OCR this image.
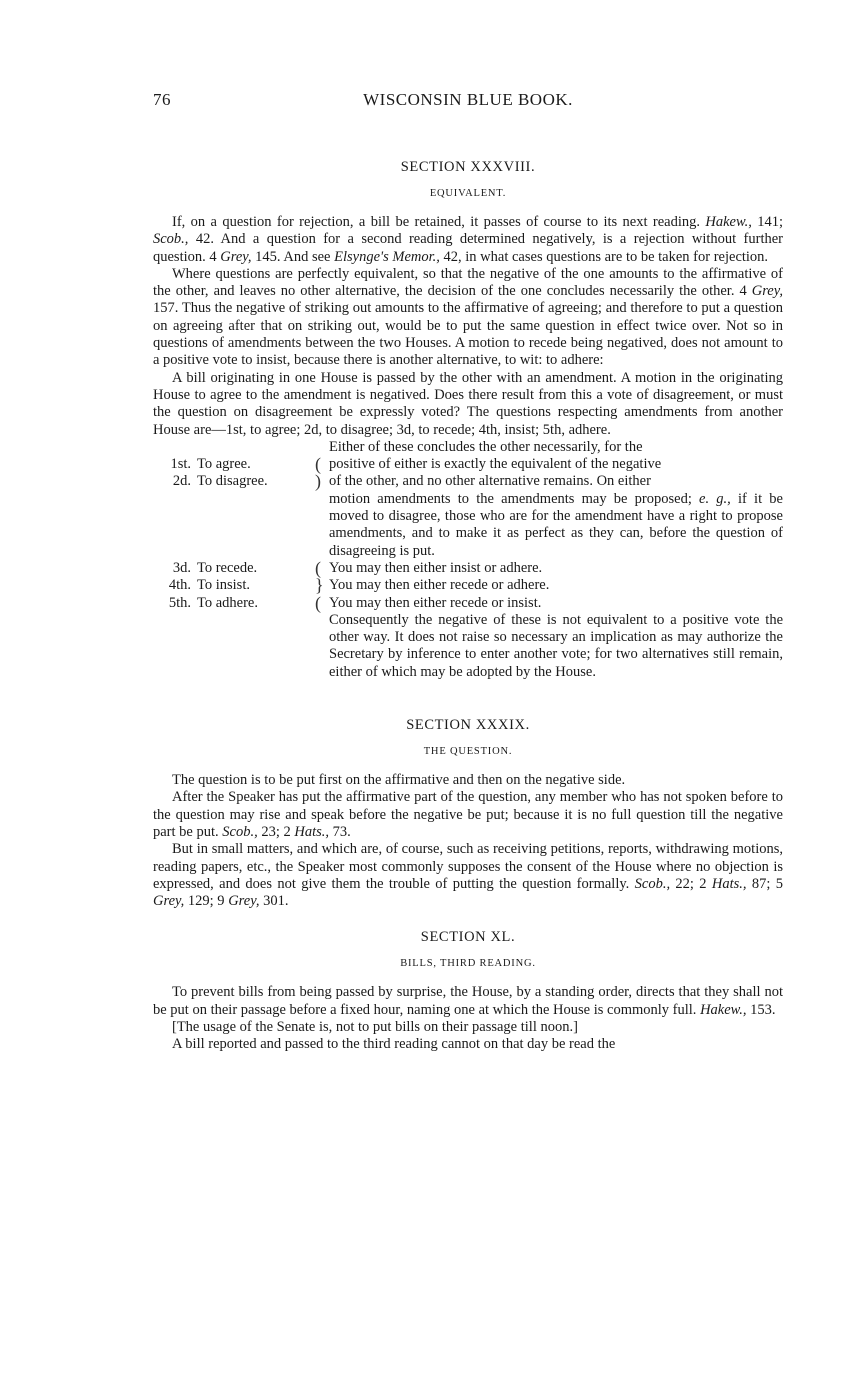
76	WISCONSIN BLUE BOOK.
SECTION XXXVIII.
EQUIVALENT.

If, on a question for rejection, a bill be retained, it passes of course to its next reading. Hakew., 141; Scob., 42. And a question for a second reading determined negatively, is a rejection without further question. 4 Grey, 145. And see Elsynge's Memor., 42, in what cases questions are to be taken for rejection.

Where questions are perfectly equivalent, so that the negative of the one amounts to the affirmative of the other, and leaves no other alternative, the decision of the one concludes necessarily the other. 4 Grey, 157. Thus the negative of striking out amounts to the affirmative of agreeing; and therefore to put a question on agreeing after that on striking out, would be to put the same question in effect twice over. Not so in questions of amendments between the two Houses. A motion to recede being negatived, does not amount to a positive vote to insist, because there is another alternative, to wit: to adhere:

A bill originating in one House is passed by the other with an amendment. A motion in the originating House to agree to the amendment is negatived. Does there result from this a vote of disagreement, or must the question on disagreement be expressly voted? The questions respecting amendments from another House are—1st, to agree; 2d, to disagree; 3d, to recede; 4th, insist; 5th, adhere.

Either of these concludes the other necessarily, for the
1st. To agree.	( positive of either is exactly the equivalent of the negative
2d. To disagree.	) of the other, and no other alternative remains. On either
motion amendments to the amendments may be proposed; e. g., if it be moved to disagree, those who are for the amendment have a right to propose amendments, and to make it as perfect as they can, before the question of disagreeing is put.
3d. To recede.	( You may then either insist or adhere.
4th. To insist.	} You may then either recede or adhere.
5th. To adhere.	( You may then either recede or insist.
Consequently the negative of these is not equivalent to a positive vote the other way. It does not raise so necessary an implication as may authorize the Secretary by inference to enter another vote; for two alternatives still remain, either of which may be adopted by the House.
SECTION XXXIX.
THE QUESTION.

The question is to be put first on the affirmative and then on the negative side.

After the Speaker has put the affirmative part of the question, any member who has not spoken before to the question may rise and speak before the negative be put; because it is no full question till the negative part be put. Scob., 23; 2 Hats., 73.

But in small matters, and which are, of course, such as receiving petitions, reports, withdrawing motions, reading papers, etc., the Speaker most commonly supposes the consent of the House where no objection is expressed, and does not give them the trouble of putting the question formally. Scob., 22; 2 Hats., 87; 5 Grey, 129; 9 Grey, 301.

SECTION XL.
BILLS, THIRD READING.

To prevent bills from being passed by surprise, the House, by a standing order, directs that they shall not be put on their passage before a fixed hour, naming one at which the House is commonly full. Hakew., 153.

[The usage of the Senate is, not to put bills on their passage till noon.]

A bill reported and passed to the third reading cannot on that day be read the
